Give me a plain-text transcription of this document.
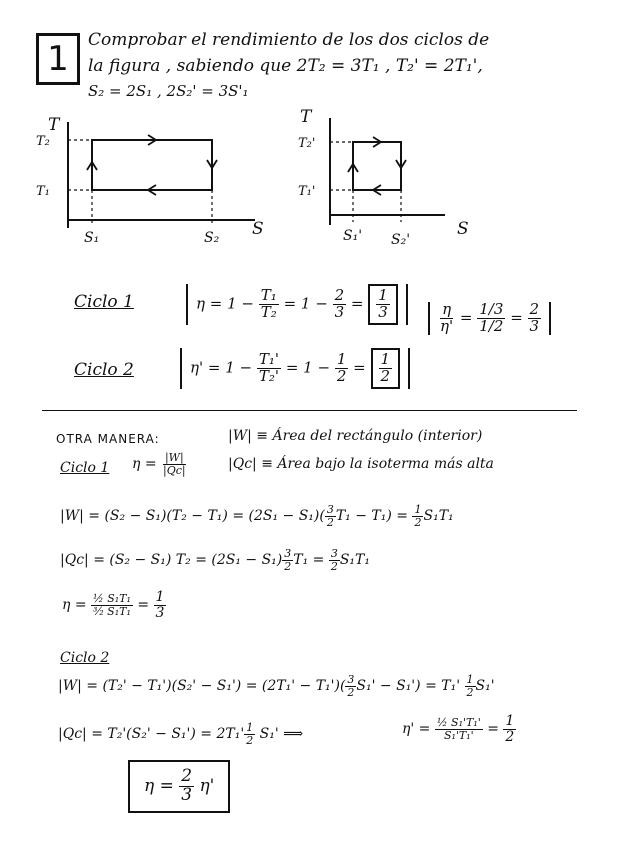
1	Comprobar el rendimiento de los dos ciclos de
la figura , sabiendo que 2T₂ = 3T₁ , T₂' = 2T₁',
S₂ = 2S₁ , 2S₂' = 3S'₁
T
T₂
T₁
S₁	S₂ S
T
T₂'
T₁'
S₁' S₂'
S
Ciclo 1	$\eta = 1 - \frac{\text{T₁}}{\text{T₂}} = 1 - \frac{2}{3} = \frac{1}{3}$
Ciclo 2	$\eta' = 1 - \frac{\text{T₁'}}{\text{T₂'}} = 1 - \frac{1}{2} = \frac{1}{2}$
$\frac{\eta}{\eta'} = \frac{1/3}{1/2} = \frac{2}{3}$
OTRA MANERA:	|W| ≡ Área del rectángulo (interior)
|Qc| ≡ Área bajo la isoterma más alta
Ciclo 1 $\eta = \frac{|W|}{|Qc|}$
$|W| = (S_2 - S_1)(T_2 - T_1) = (2S_1 - S_1)( \frac{3}{2} T_1 - T_1) = \frac{1}{2} S_1T_1$
|Qc| = (S₂ − S₁) $T_2 = (2S_1 - S_1) \frac{3}{2} T_1 = \frac{3}{2} S_1T_1$
$\eta = \frac{\text{½ S₁T₁}}{\text{³⁄₂ S₁T₁}} = \frac{1}{3}$
Ciclo 2
$|W| = (T_2' - T_1')(S_2' - S_1') = (2T_1' - T_1')( \frac{3}{2} S_1' - S_1') = T_1' \frac{1}{2} S_1'$
$|Qc| = T_2'(S_2' - S_1') = 2T_1' \frac{1}{2} S_1'$ ⟹	$\eta' = \frac{\text{½ S₁'T₁'}}{\text{S₁'T₁'}} = \frac{1}{2}$
$\eta = \frac{2}{3} \eta'$
